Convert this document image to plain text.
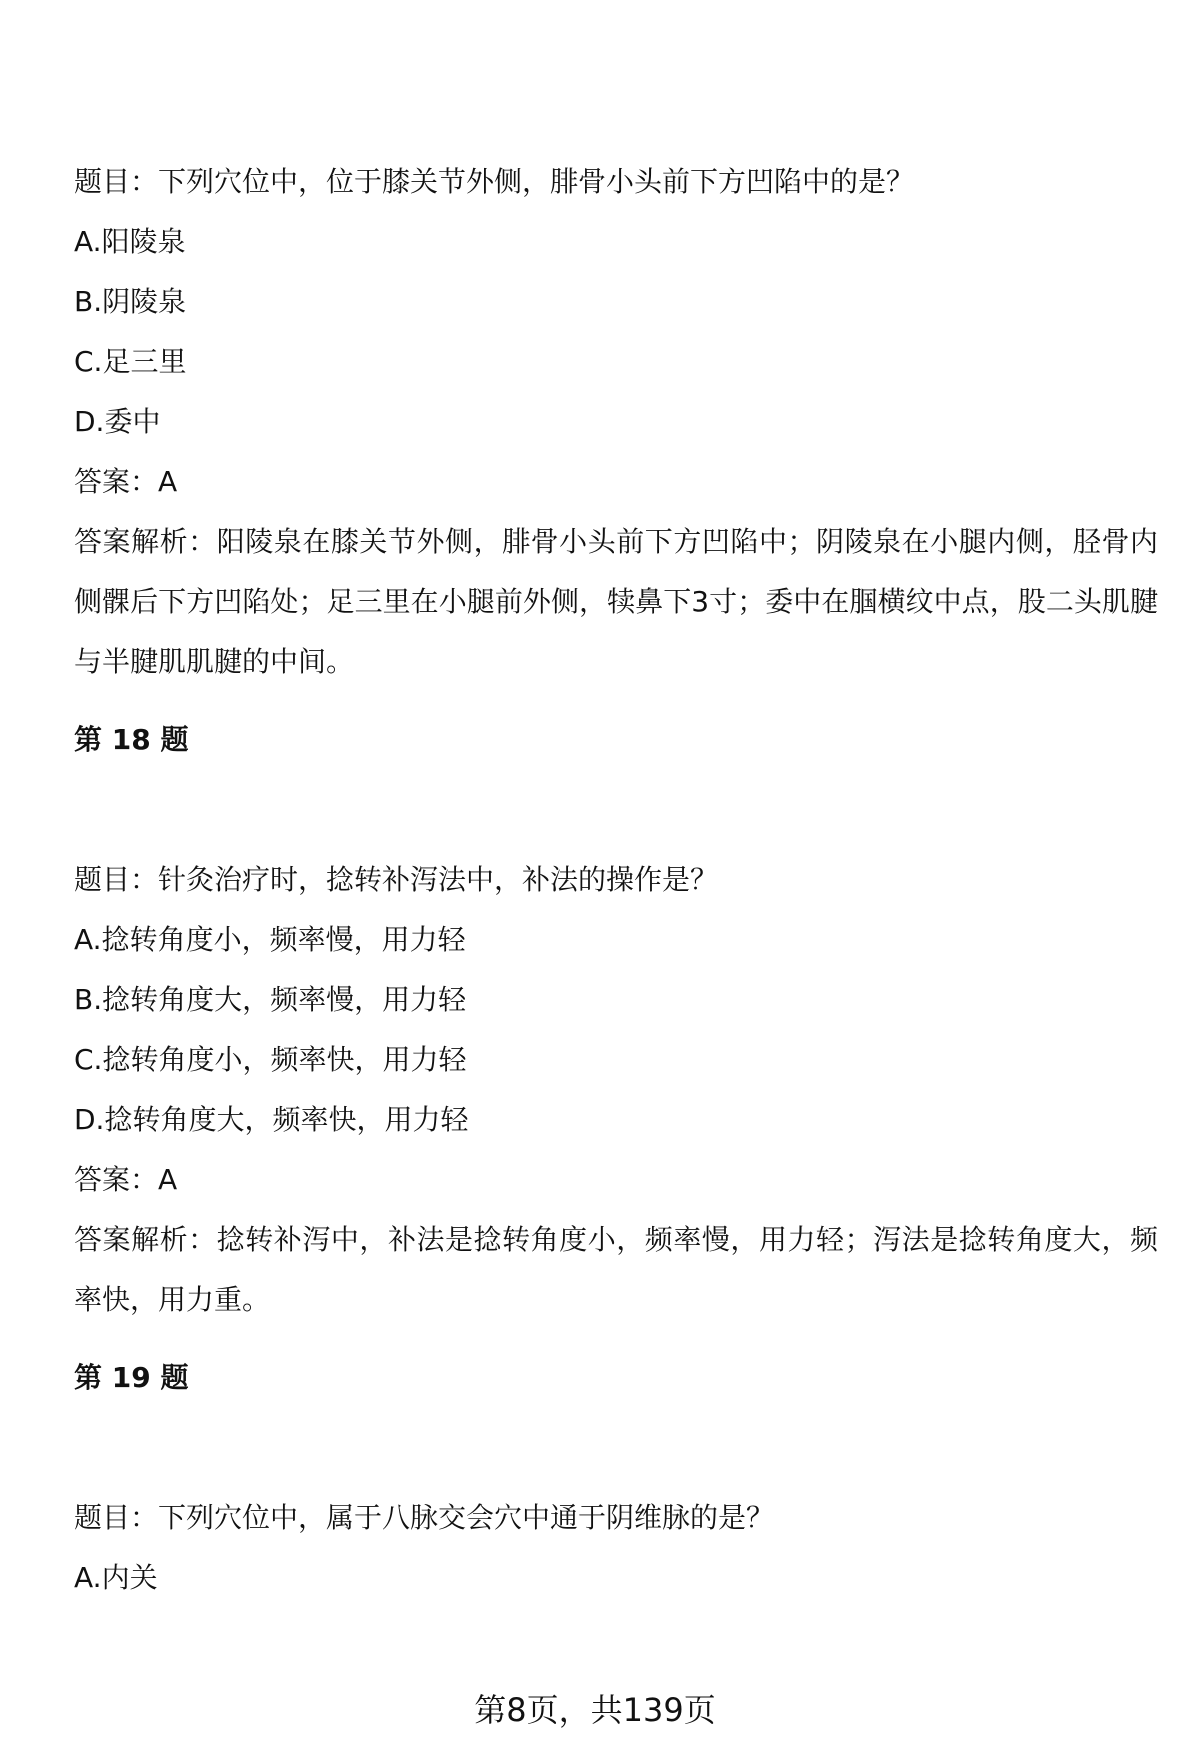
题目：下列穴位中，位于膝关节外侧，腓骨小头前下方凹陷中的是？

A.阳陵泉

B.阴陵泉

C.足三里

D.委中

答案：A

答案解析：阳陵泉在膝关节外侧，腓骨小头前下方凹陷中；阴陵泉在小腿内侧，胫骨内侧髁后下方凹陷处；足三里在小腿前外侧，犊鼻下3寸；委中在腘横纹中点，股二头肌腱与半腱肌肌腱的中间。

第 18 题

题目：针灸治疗时，捻转补泻法中，补法的操作是？

A.捻转角度小，频率慢，用力轻

B.捻转角度大，频率慢，用力轻

C.捻转角度小，频率快，用力轻

D.捻转角度大，频率快，用力轻

答案：A

答案解析：捻转补泻中，补法是捻转角度小，频率慢，用力轻；泻法是捻转角度大，频率快，用力重。

第 19 题

题目：下列穴位中，属于八脉交会穴中通于阴维脉的是？

A.内关

第8页，共139页
